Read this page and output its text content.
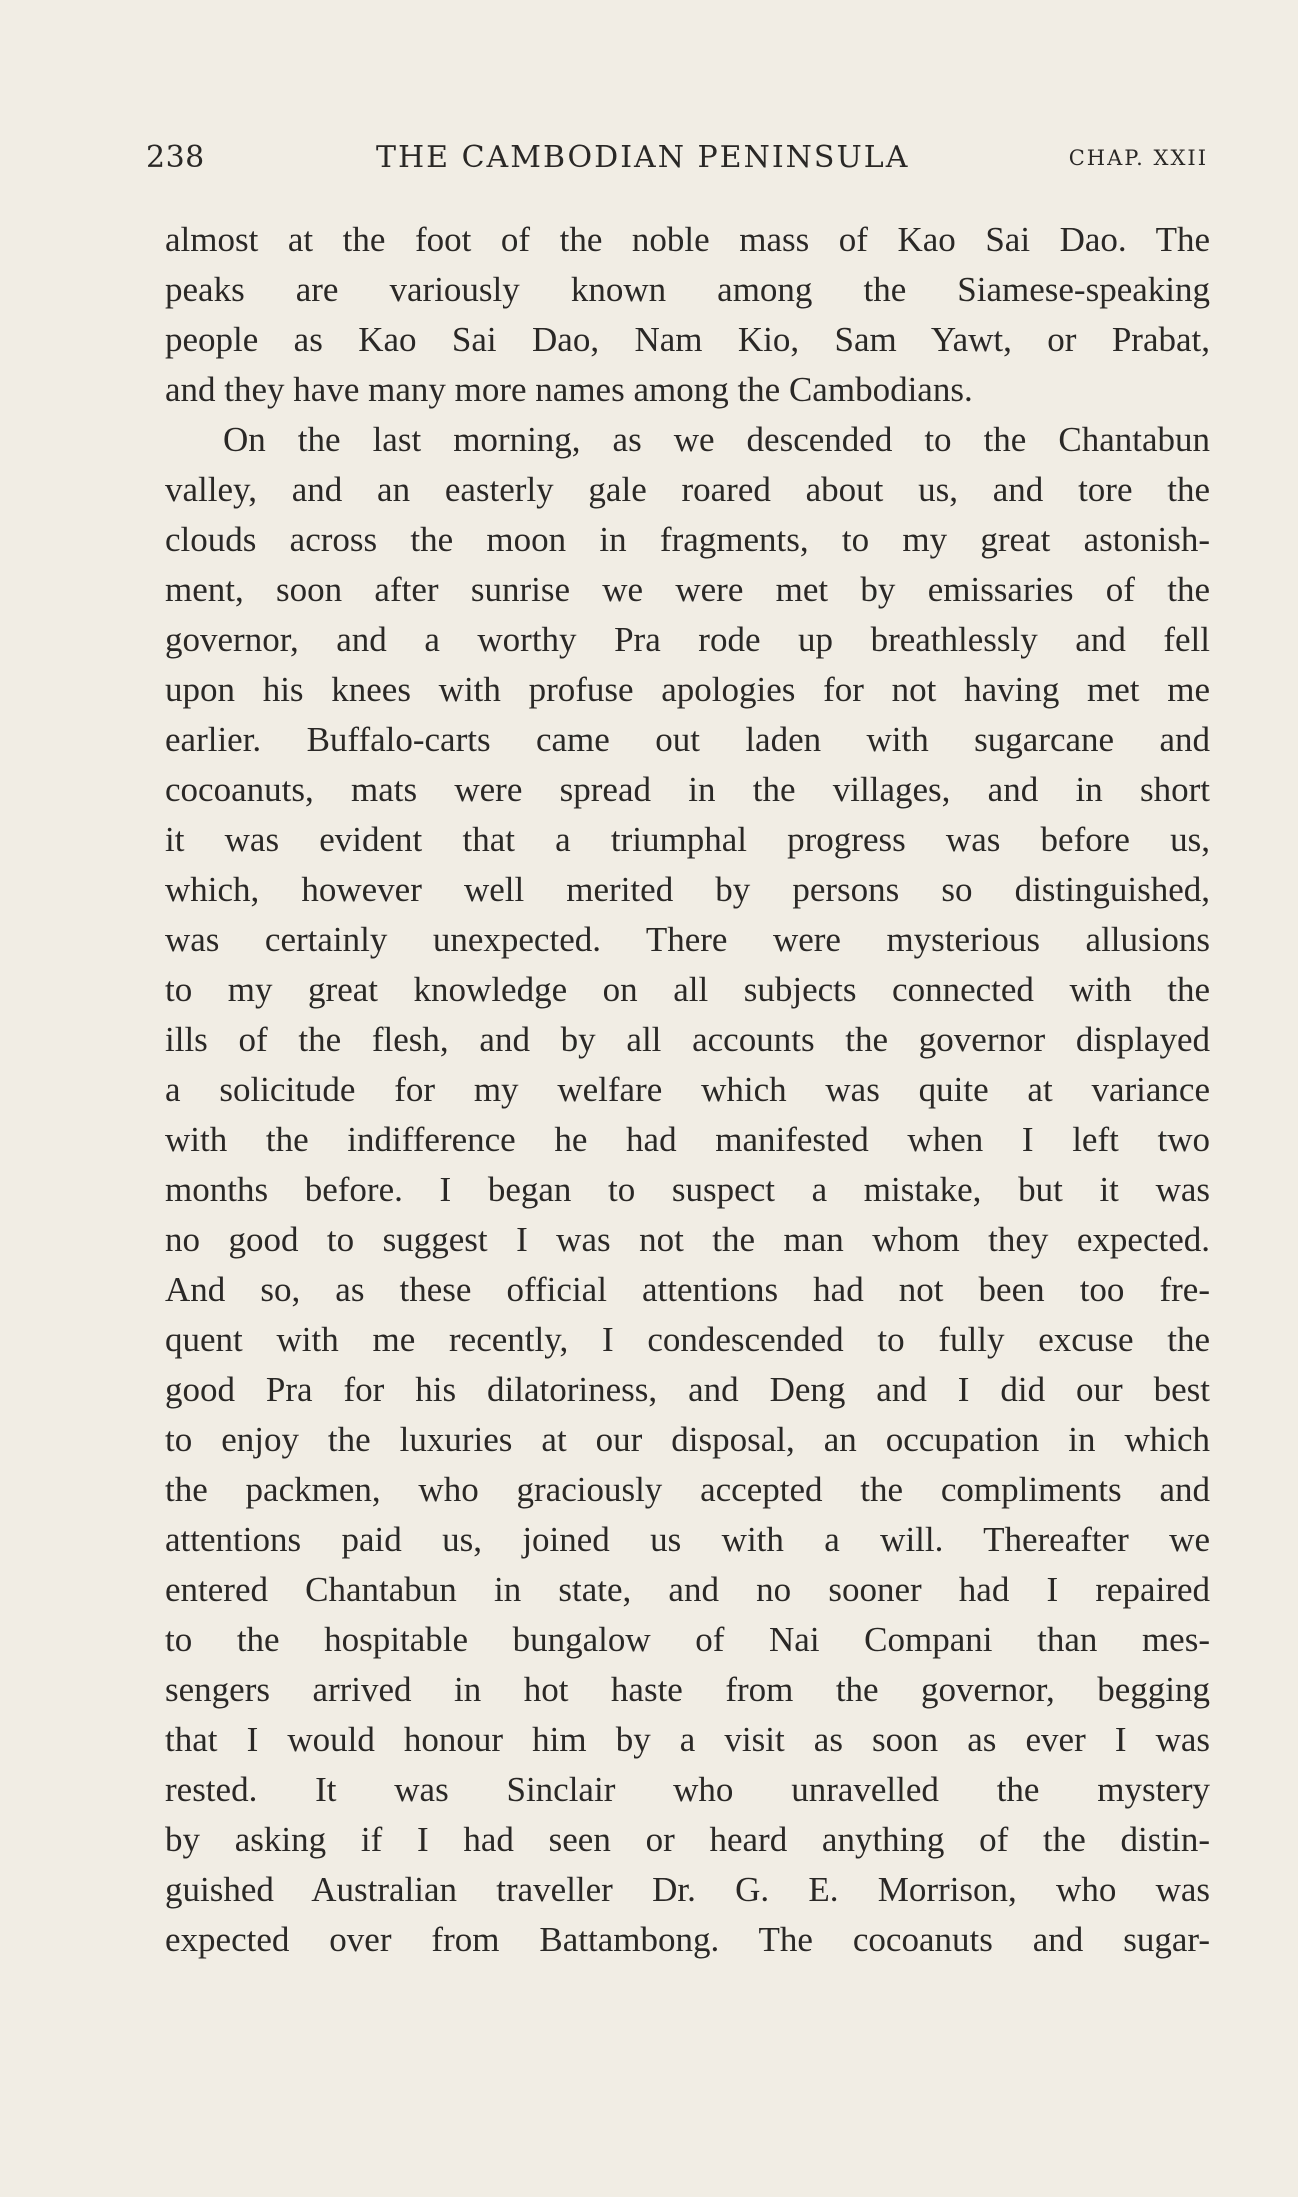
238	THE CAMBODIAN PENINSULA	CHAP. XXII
almost at the foot of the noble mass of Kao Sai Dao. The
peaks are variously known among the Siamese-speaking
people as Kao Sai Dao, Nam Kio, Sam Yawt, or Prabat,
and they have many more names among the Cambodians.
On the last morning, as we descended to the Chantabun
valley, and an easterly gale roared about us, and tore the
clouds across the moon in fragments, to my great astonish-
ment, soon after sunrise we were met by emissaries of the
governor, and a worthy Pra rode up breathlessly and fell
upon his knees with profuse apologies for not having met me
earlier. Buffalo-carts came out laden with sugarcane and
cocoanuts, mats were spread in the villages, and in short
it was evident that a triumphal progress was before us,
which, however well merited by persons so distinguished,
was certainly unexpected. There were mysterious allusions
to my great knowledge on all subjects connected with the
ills of the flesh, and by all accounts the governor displayed
a solicitude for my welfare which was quite at variance
with the indifference he had manifested when I left two
months before. I began to suspect a mistake, but it was
no good to suggest I was not the man whom they expected.
And so, as these official attentions had not been too fre-
quent with me recently, I condescended to fully excuse the
good Pra for his dilatoriness, and Deng and I did our best
to enjoy the luxuries at our disposal, an occupation in which
the packmen, who graciously accepted the compliments and
attentions paid us, joined us with a will. Thereafter we
entered Chantabun in state, and no sooner had I repaired
to the hospitable bungalow of Nai Compani than mes-
sengers arrived in hot haste from the governor, begging
that I would honour him by a visit as soon as ever I was
rested. It was Sinclair who unravelled the mystery
by asking if I had seen or heard anything of the distin-
guished Australian traveller Dr. G. E. Morrison, who was
expected over from Battambong. The cocoanuts and sugar-
